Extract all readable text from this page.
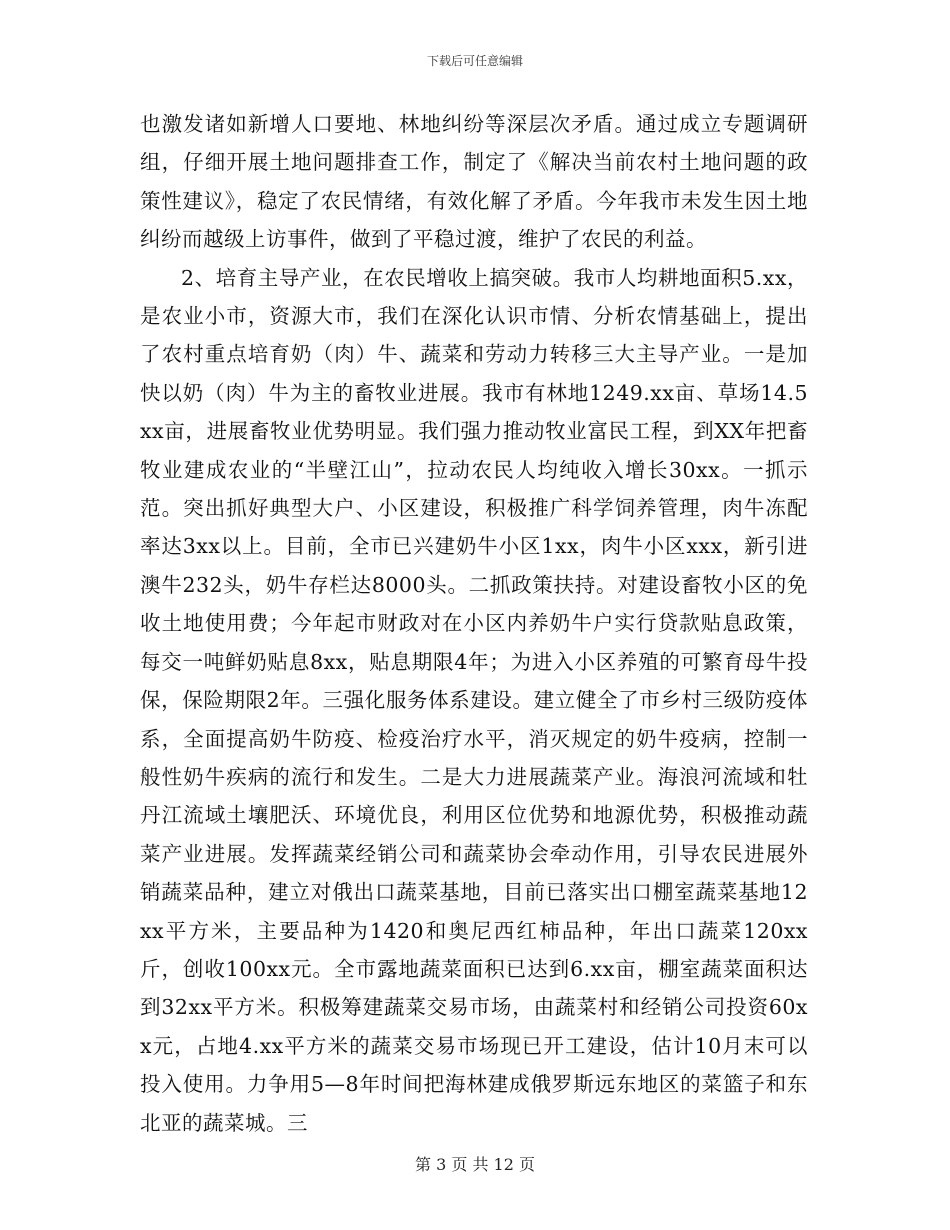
下载后可任意编辑

也激发诸如新增人口要地、林地纠纷等深层次矛盾。通过成立专题调研组，仔细开展土地问题排查工作，制定了《解决当前农村土地问题的政策性建议》，稳定了农民情绪，有效化解了矛盾。今年我市未发生因土地纠纷而越级上访事件，做到了平稳过渡，维护了农民的利益。

2、培育主导产业，在农民增收上搞突破。我市人均耕地面积5.xx，是农业小市，资源大市，我们在深化认识市情、分析农情基础上，提出了农村重点培育奶（肉）牛、蔬菜和劳动力转移三大主导产业。一是加快以奶（肉）牛为主的畜牧业进展。我市有林地1249.xx亩、草场14.5xx亩，进展畜牧业优势明显。我们强力推动牧业富民工程，到XX年把畜牧业建成农业的“半壁江山”，拉动农民人均纯收入增长30xx。一抓示范。突出抓好典型大户、小区建设，积极推广科学饲养管理，肉牛冻配率达3xx以上。目前，全市已兴建奶牛小区1xx，肉牛小区xxx，新引进澳牛232头，奶牛存栏达8000头。二抓政策扶持。对建设畜牧小区的免收土地使用费；今年起市财政对在小区内养奶牛户实行贷款贴息政策，每交一吨鲜奶贴息8xx，贴息期限4年；为进入小区养殖的可繁育母牛投保，保险期限2年。三强化服务体系建设。建立健全了市乡村三级防疫体系，全面提高奶牛防疫、检疫治疗水平，消灭规定的奶牛疫病，控制一般性奶牛疾病的流行和发生。二是大力进展蔬菜产业。海浪河流域和牡丹江流域土壤肥沃、环境优良，利用区位优势和地源优势，积极推动蔬菜产业进展。发挥蔬菜经销公司和蔬菜协会牵动作用，引导农民进展外销蔬菜品种，建立对俄出口蔬菜基地，目前已落实出口棚室蔬菜基地12xx平方米，主要品种为1420和奥尼西红柿品种，年出口蔬菜120xx斤，创收100xx元。全市露地蔬菜面积已达到6.xx亩，棚室蔬菜面积达到32xx平方米。积极筹建蔬菜交易市场，由蔬菜村和经销公司投资60xx元，占地4.xx平方米的蔬菜交易市场现已开工建设，估计10月末可以投入使用。力争用5—8年时间把海林建成俄罗斯远东地区的菜篮子和东北亚的蔬菜城。三

第 3 页 共 12 页
